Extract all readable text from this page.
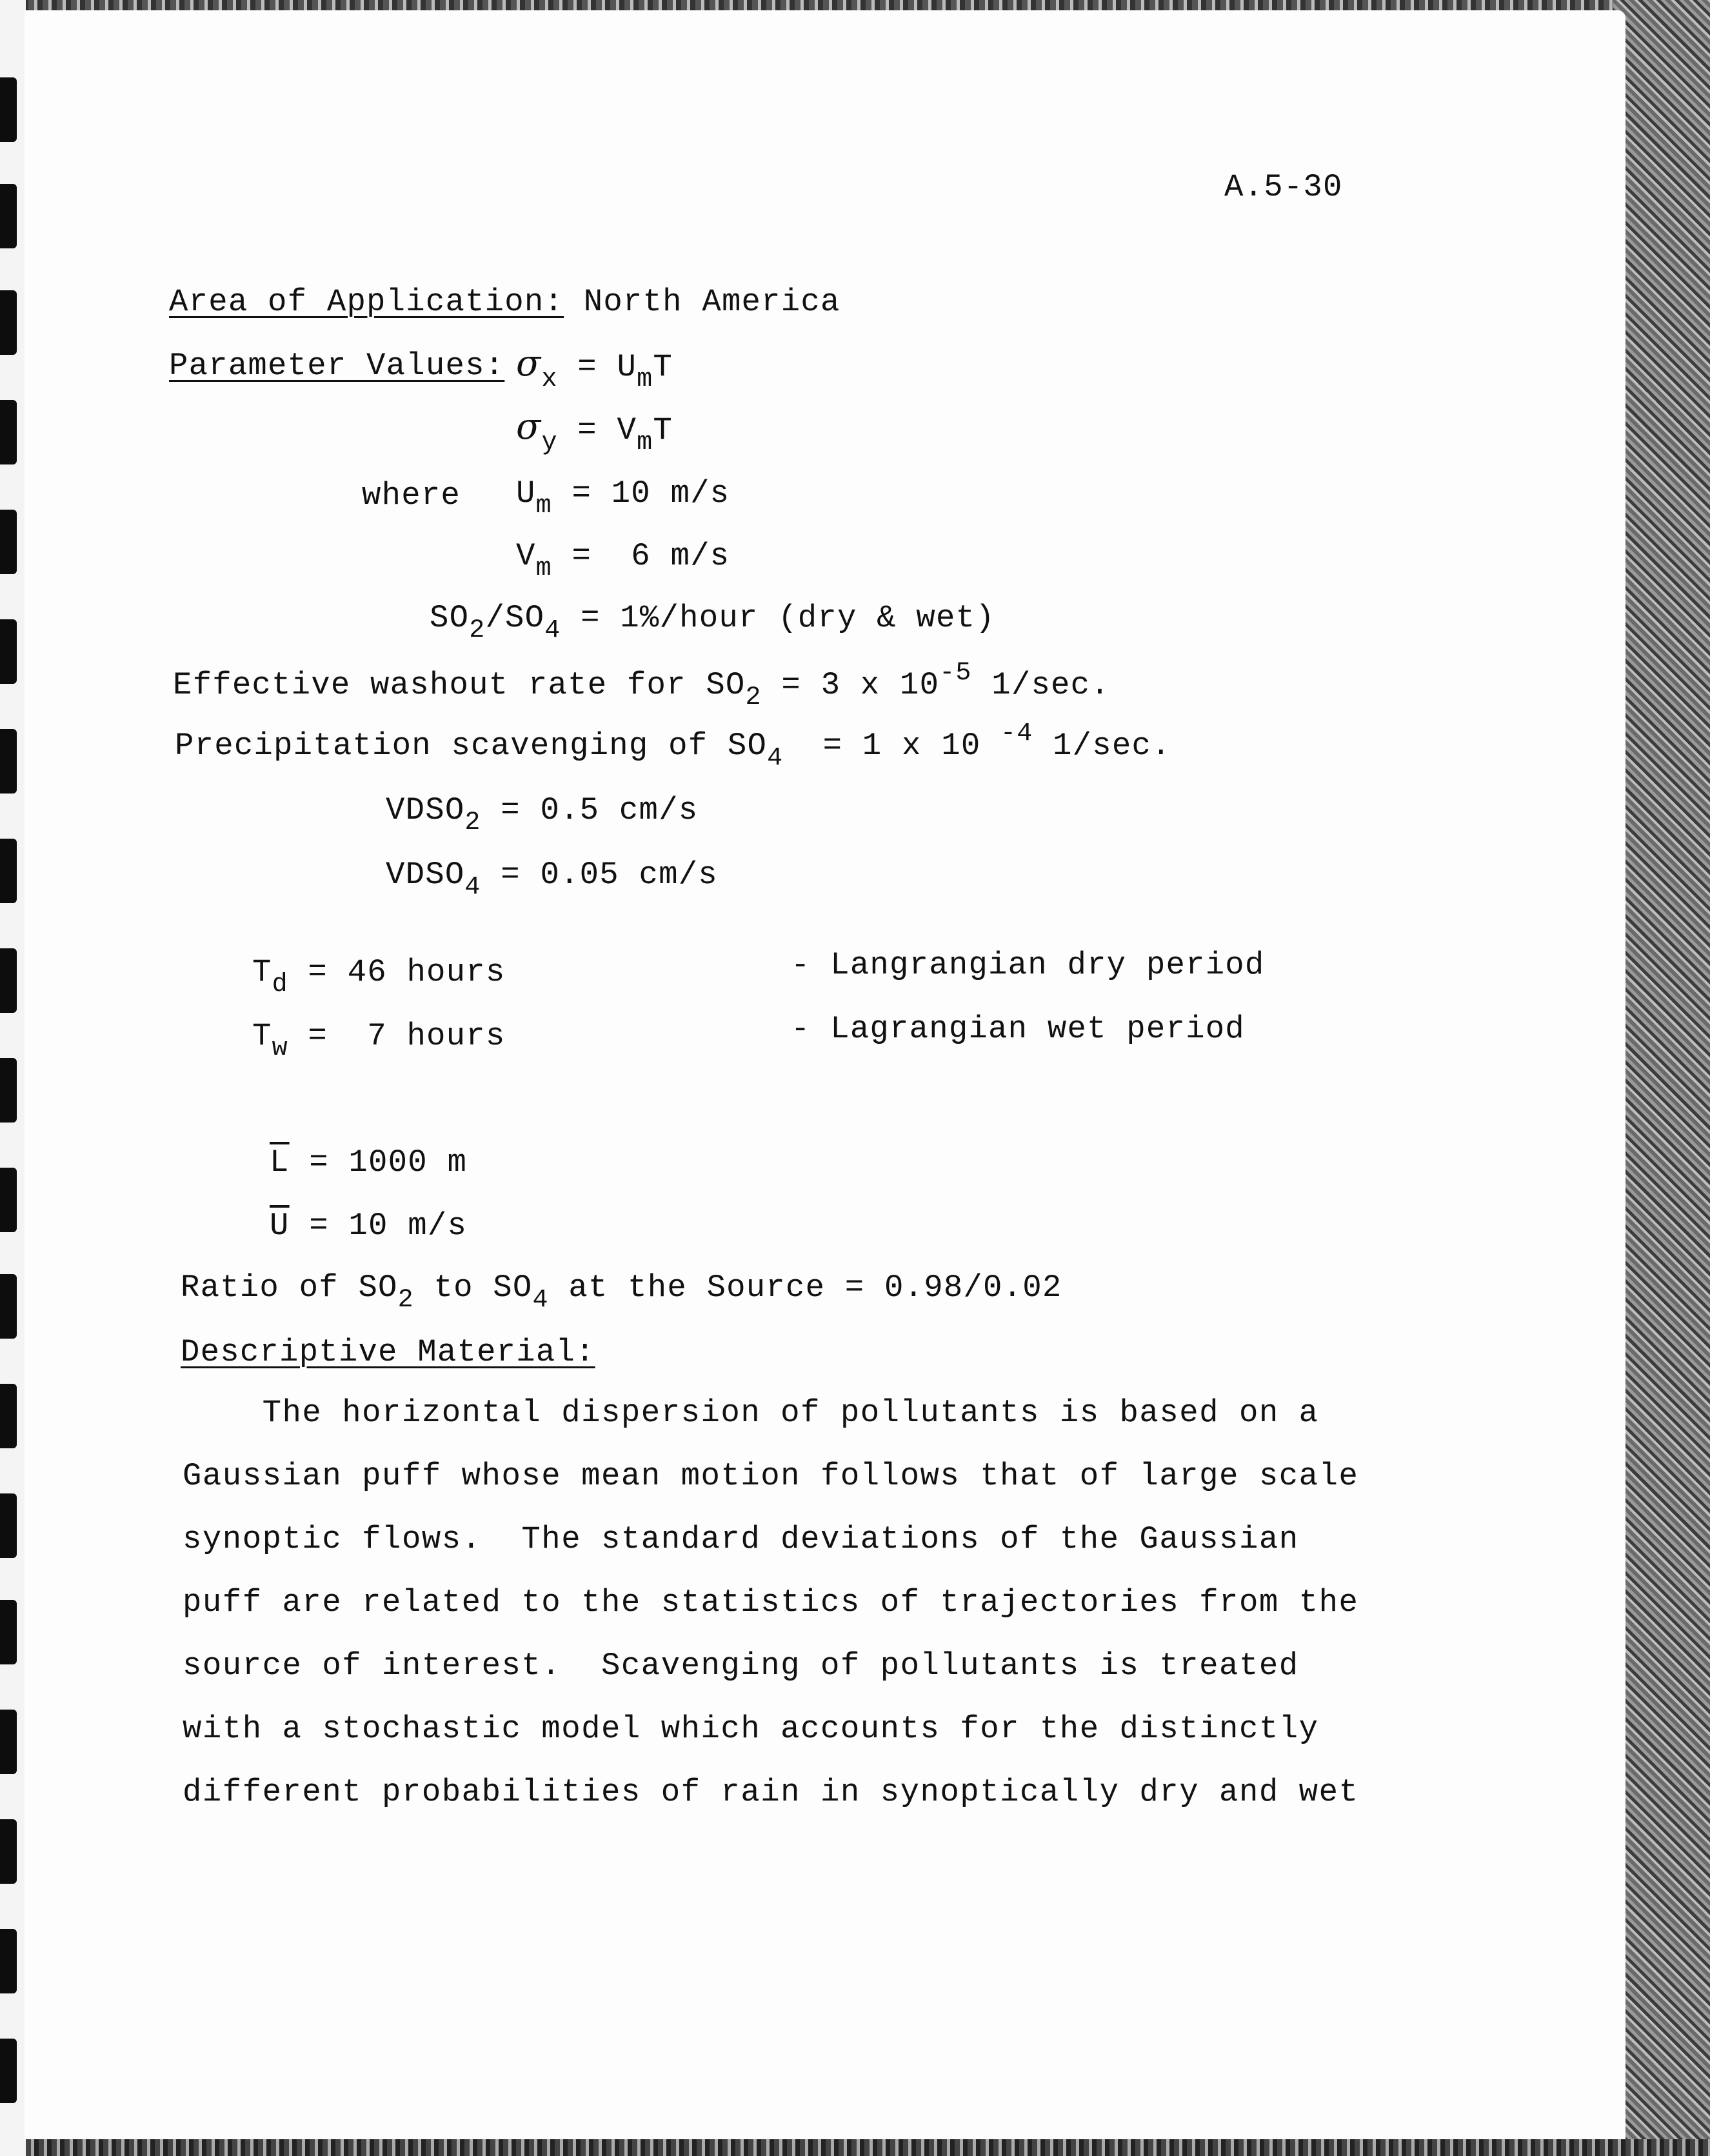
A.5-30
Area of Application: North America
Parameter Values: $\sigma_x = U_mT$
$\sigma_y = V_mT$
where $U_m = 10$ m/s
$V_m = 6$ m/s
$SO_2/SO_4$ = 1%/hour (dry & wet)
Effective washout rate for $SO_2 = 3$ x $10^{-5}$ 1/sec.
Precipitation scavenging of $SO_4 = 1$ x 10 $^{-4}$ 1/sec.
$VDSO_2 = 0.5$ cm/s
$VDSO_4 = 0.05$ cm/s
$T_d = 46$ hours	- Langrangian dry period
$T_w = 7$ hours	- Lagrangian wet period
$\overline{L} = 1000$ m
$\overline{U} = 10$ m/s
Ratio of $SO_2$ to $SO_4$ at the Source = 0.98/0.02
Descriptive Material:
The horizontal dispersion of pollutants is based on a
Gaussian puff whose mean motion follows that of large scale
synoptic flows.  The standard deviations of the Gaussian
puff are related to the statistics of trajectories from the
source of interest.  Scavenging of pollutants is treated
with a stochastic model which accounts for the distinctly
different probabilities of rain in synoptically dry and wet
